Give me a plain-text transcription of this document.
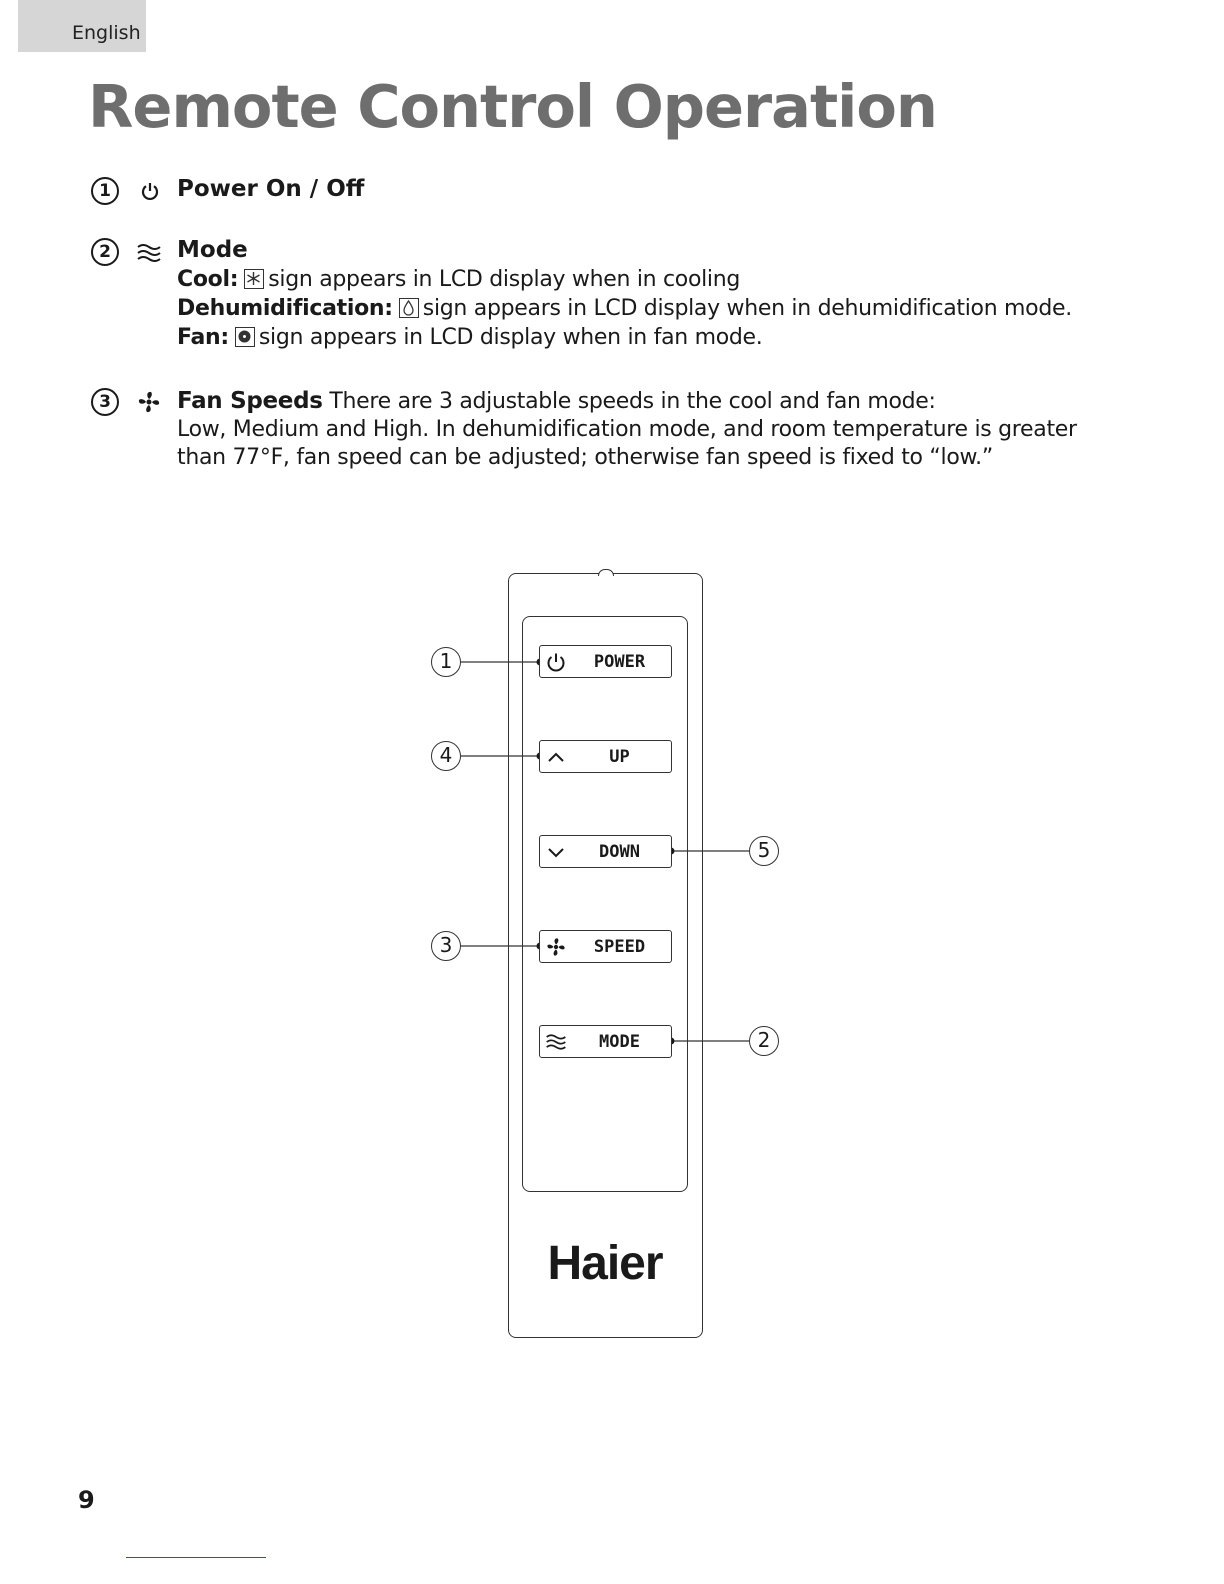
English
Remote Control Operation
1	Power On / Off
2	Mode
Cool: sign appears in LCD display when in cooling
Dehumidification: sign appears in LCD display when in dehumidification mode.
Fan: sign appears in LCD display when in fan mode.
3	Fan Speeds There are 3 adjustable speeds in the cool and fan mode:
Low, Medium and High. In dehumidification mode, and room temperature is greater
than 77°F, fan speed can be adjusted; otherwise fan speed is fixed to “low.”
POWER
UP
DOWN
SPEED
MODE
1
4
5
3
2
Haier
9
